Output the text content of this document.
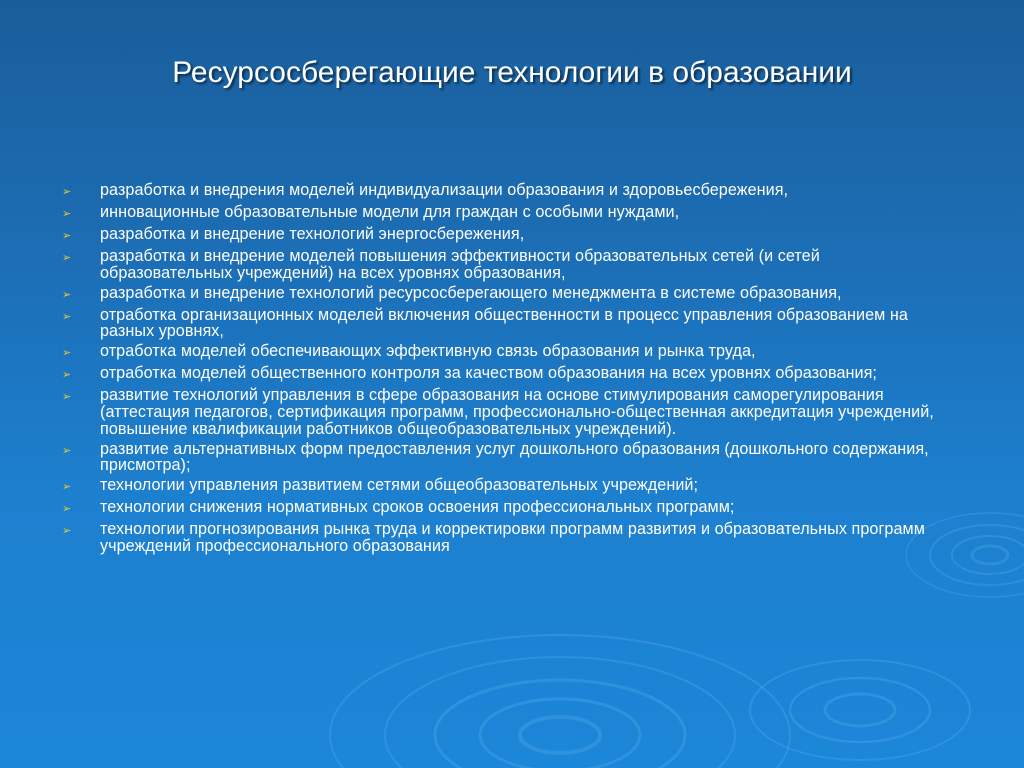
Ресурсосберегающие технологии в образовании
➢	разработка и внедрения моделей индивидуализации образования и здоровьесбережения,
➢	инновационные образовательные модели для граждан с особыми нуждами,
➢	разработка и внедрение технологий энергосбережения,
➢	разработка и внедрение моделей повышения эффективности образовательных сетей (и сетей образовательных учреждений) на всех уровнях образования,
➢	разработка и внедрение технологий ресурсосберегающего менеджмента в системе образования,
➢	отработка организационных моделей включения общественности в процесс управления образованием на разных уровнях,
➢	отработка моделей обеспечивающих эффективную связь образования и рынка труда,
➢	отработка моделей общественного контроля за качеством образования на всех уровнях образования;
➢	развитие технологий управления в сфере образования на основе стимулирования саморегулирования (аттестация педагогов, сертификация программ, профессионально-общественная аккредитация учреждений, повышение квалификации работников общеобразовательных учреждений).
➢	развитие альтернативных форм предоставления услуг дошкольного образования (дошкольного содержания, присмотра);
➢	технологии управления развитием сетями общеобразовательных учреждений;
➢	технологии снижения нормативных сроков освоения профессиональных программ;
➢	технологии прогнозирования рынка труда и корректировки программ развития и образовательных программ учреждений профессионального образования
